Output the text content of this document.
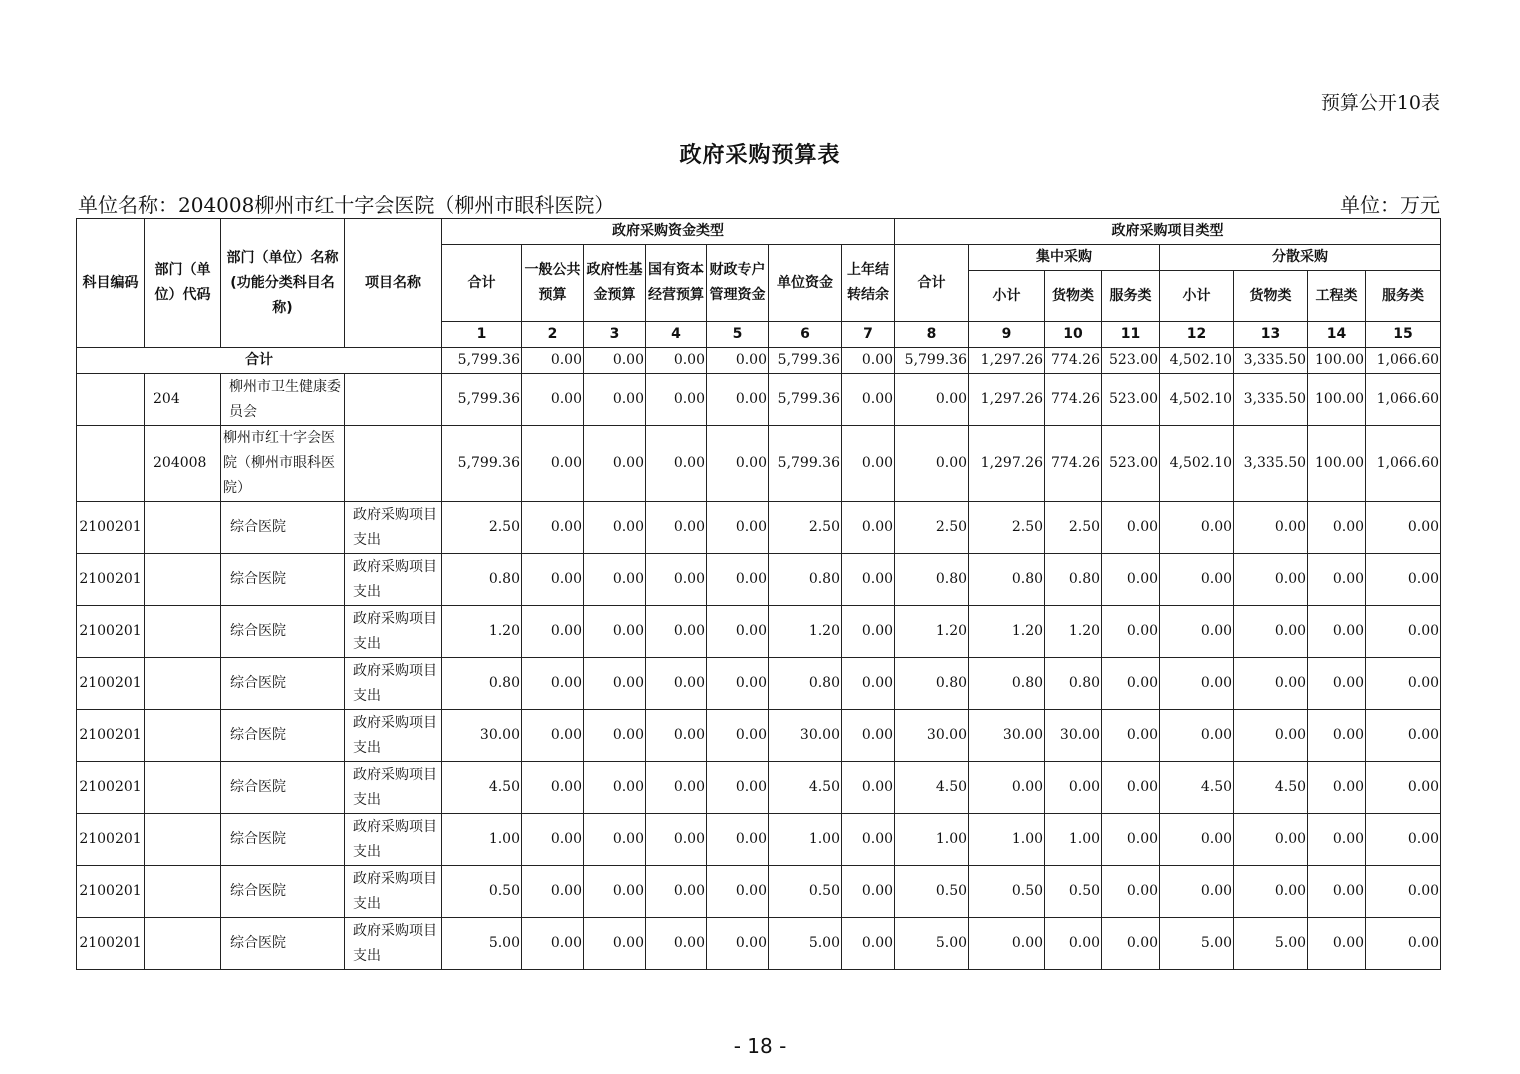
预算公开10表
政府采购预算表
单位名称：204008柳州市红十字会医院（柳州市眼科医院）	单位：万元
科目编码	部门（单位）代码	部门（单位）名称(功能分类科目名称)	项目名称	政府采购资金类型							政府采购项目类型							
				合计	一般公共预算	政府性基金预算	国有资本经营预算	财政专户管理资金	单位资金	上年结转结余	合计	集中采购			分散采购			
												小计	货物类	服务类	小计	货物类	工程类	服务类
				1	2	3	4	5	6	7	8	9	10	11	12	13	14	15
合计				5,799.36	0.00	0.00	0.00	0.00	5,799.36	0.00	5,799.36	1,297.26	774.26	523.00	4,502.10	3,335.50	100.00	1,066.60
	204	柳州市卫生健康委员会		5,799.36	0.00	0.00	0.00	0.00	5,799.36	0.00	0.00	1,297.26	774.26	523.00	4,502.10	3,335.50	100.00	1,066.60
	204008	柳州市红十字会医院（柳州市眼科医院）		5,799.36	0.00	0.00	0.00	0.00	5,799.36	0.00	0.00	1,297.26	774.26	523.00	4,502.10	3,335.50	100.00	1,066.60
2100201		综合医院	政府采购项目支出	2.50	0.00	0.00	0.00	0.00	2.50	0.00	2.50	2.50	2.50	0.00	0.00	0.00	0.00	0.00
2100201		综合医院	政府采购项目支出	0.80	0.00	0.00	0.00	0.00	0.80	0.00	0.80	0.80	0.80	0.00	0.00	0.00	0.00	0.00
2100201		综合医院	政府采购项目支出	1.20	0.00	0.00	0.00	0.00	1.20	0.00	1.20	1.20	1.20	0.00	0.00	0.00	0.00	0.00
2100201		综合医院	政府采购项目支出	0.80	0.00	0.00	0.00	0.00	0.80	0.00	0.80	0.80	0.80	0.00	0.00	0.00	0.00	0.00
2100201		综合医院	政府采购项目支出	30.00	0.00	0.00	0.00	0.00	30.00	0.00	30.00	30.00	30.00	0.00	0.00	0.00	0.00	0.00
2100201		综合医院	政府采购项目支出	4.50	0.00	0.00	0.00	0.00	4.50	0.00	4.50	0.00	0.00	0.00	4.50	4.50	0.00	0.00
2100201		综合医院	政府采购项目支出	1.00	0.00	0.00	0.00	0.00	1.00	0.00	1.00	1.00	1.00	0.00	0.00	0.00	0.00	0.00
2100201		综合医院	政府采购项目支出	0.50	0.00	0.00	0.00	0.00	0.50	0.00	0.50	0.50	0.50	0.00	0.00	0.00	0.00	0.00
2100201		综合医院	政府采购项目支出	5.00	0.00	0.00	0.00	0.00	5.00	0.00	5.00	0.00	0.00	0.00	5.00	5.00	0.00	0.00
- 18 -
